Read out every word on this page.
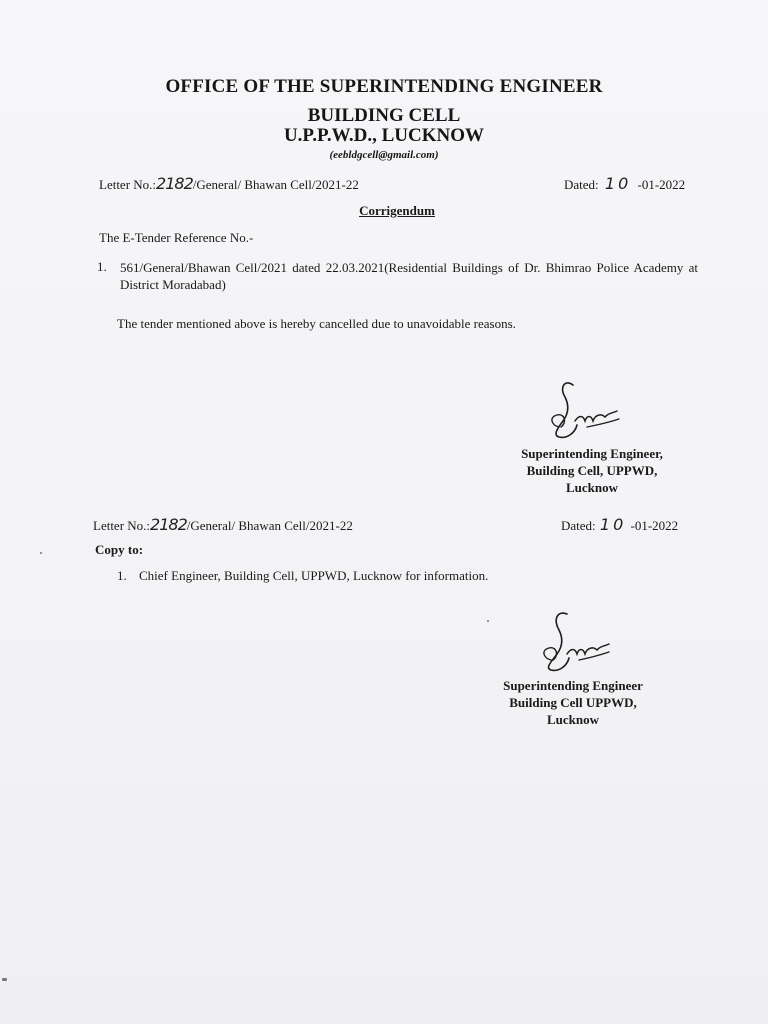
OFFICE OF THE SUPERINTENDING ENGINEER
BUILDING CELL
U.P.P.W.D., LUCKNOW
(eebldgcell@gmail.com)
Letter No.:2182/General/ Bhawan Cell/2021-22	Dated: 10 -01-2022
Corrigendum
The E-Tender Reference No.-
1. 561/General/Bhawan Cell/2021 dated 22.03.2021(Residential Buildings of Dr. Bhimrao Police Academy at District Moradabad)
The tender mentioned above is hereby cancelled due to unavoidable reasons.
Superintending Engineer,
Building Cell, UPPWD,
Lucknow
Letter No.:2182/General/ Bhawan Cell/2021-22	Dated: 10 -01-2022
Copy to:
1. Chief Engineer, Building Cell, UPPWD, Lucknow for information.
Superintending Engineer
Building Cell UPPWD,
Lucknow
